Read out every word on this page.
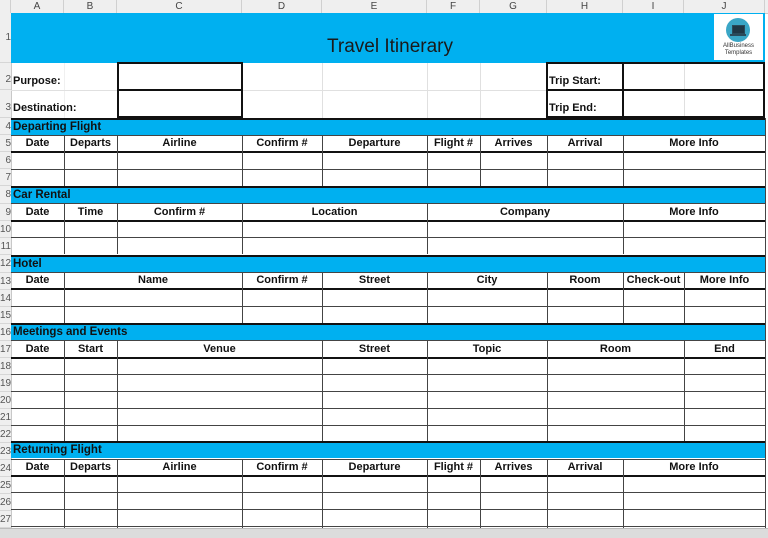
A	B	C	D	E	F	G	H	I	J
1
2
3
4
5
6
7
8
9
10
11
12
13
14
15
16
17
18
19
20
21
22
23
24
25
26
27
Travel Itinerary	AllBusiness
Templates
Purpose:
Destination:
Trip Start:
Trip End:
Departing Flight
Date	Departs	Airline	Confirm #	Departure	Flight #	Arrives	Arrival	More Info
Car Rental
Date	Time	Confirm #	Location	Company	More Info
Hotel
Date	Name	Confirm #	Street	City	Room	Check-out	More Info
Meetings and Events
Date	Start	Venue	Street	Topic	Room	End
Returning Flight
Date	Departs	Airline	Confirm #	Departure	Flight #	Arrives	Arrival	More Info
